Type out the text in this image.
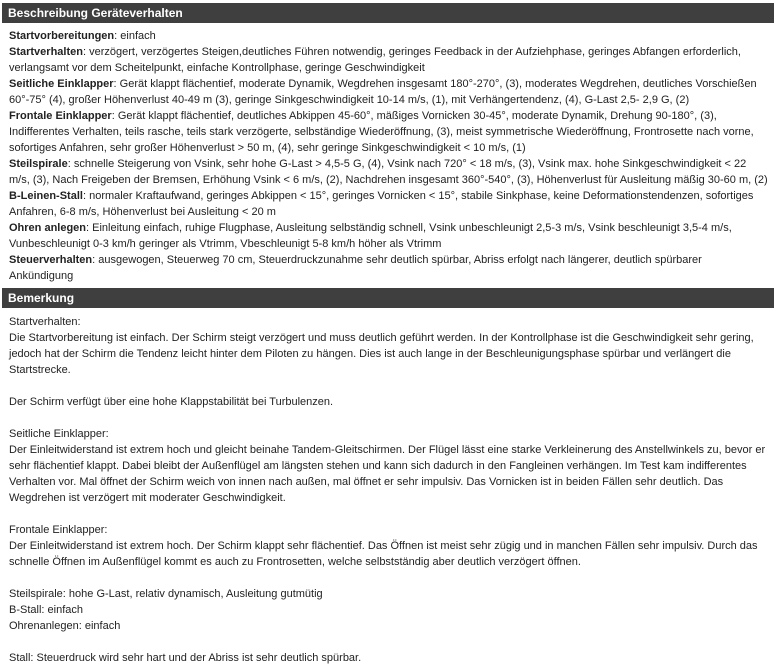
Beschreibung Geräteverhalten

Startvorbereitungen: einfach

Startverhalten: verzögert, verzögertes Steigen,deutliches Führen notwendig, geringes Feedback in der Aufziehphase, geringes Abfangen erforderlich, verlangsamt vor dem Scheitelpunkt, einfache Kontrollphase, geringe Geschwindigkeit

Seitliche Einklapper: Gerät klappt flächentief, moderate Dynamik, Wegdrehen insgesamt 180°-270°, (3), moderates Wegdrehen, deutliches Vorschießen 60°-75° (4), großer Höhenverlust 40-49 m (3), geringe Sinkgeschwindigkeit 10-14 m/s, (1), mit Verhängertendenz, (4), G-Last 2,5- 2,9 G, (2)

Frontale Einklapper: Gerät klappt flächentief, deutliches Abkippen 45-60°, mäßiges Vornicken 30-45°, moderate Dynamik, Drehung 90-180°, (3), Indifferentes Verhalten, teils rasche, teils stark verzögerte, selbständige Wiederöffnung, (3), meist symmetrische Wiederöffnung, Frontrosette nach vorne, sofortiges Anfahren, sehr großer Höhenverlust > 50 m, (4), sehr geringe Sinkgeschwindigkeit < 10 m/s, (1)

Steilspirale: schnelle Steigerung von Vsink, sehr hohe G-Last > 4,5-5 G, (4), Vsink nach 720° < 18 m/s, (3), Vsink max. hohe Sinkgeschwindigkeit < 22 m/s, (3), Nach Freigeben der Bremsen, Erhöhung Vsink < 6 m/s, (2), Nachdrehen insgesamt 360°-540°, (3), Höhenverlust für Ausleitung mäßig 30-60 m, (2)

B-Leinen-Stall: normaler Kraftaufwand, geringes Abkippen < 15°, geringes Vornicken < 15°, stabile Sinkphase, keine Deformationstendenzen, sofortiges Anfahren, 6-8 m/s, Höhenverlust bei Ausleitung < 20 m

Ohren anlegen: Einleitung einfach, ruhige Flugphase, Ausleitung selbständig schnell, Vsink unbeschleunigt 2,5-3 m/s, Vsink beschleunigt 3,5-4 m/s, Vunbeschleunigt 0-3 km/h geringer als Vtrimm, Vbeschleunigt 5-8 km/h höher als Vtrimm

Steuerverhalten: ausgewogen, Steuerweg 70 cm, Steuerdruckzunahme sehr deutlich spürbar, Abriss erfolgt nach längerer, deutlich spürbarer Ankündigung

Bemerkung

Startverhalten:
Die Startvorbereitung ist einfach. Der Schirm steigt verzögert und muss deutlich geführt werden. In der Kontrollphase ist die Geschwindigkeit sehr gering, jedoch hat der Schirm die Tendenz leicht hinter dem Piloten zu hängen. Dies ist auch lange in der Beschleunigungsphase spürbar und verlängert die Startstrecke.

Der Schirm verfügt über eine hohe Klappstabilität bei Turbulenzen.

Seitliche Einklapper:
Der Einleitwiderstand ist extrem hoch und gleicht beinahe Tandem-Gleitschirmen. Der Flügel lässt eine starke Verkleinerung des Anstellwinkels zu, bevor er sehr flächentief klappt. Dabei bleibt der Außenflügel am längsten stehen und kann sich dadurch in den Fangleinen verhängen. Im Test kam indifferentes Verhalten vor. Mal öffnet der Schirm weich von innen nach außen, mal öffnet er sehr impulsiv. Das Vornicken ist in beiden Fällen sehr deutlich. Das Wegdrehen ist verzögert mit moderater Geschwindigkeit.

Frontale Einklapper:
Der Einleitwiderstand ist extrem hoch. Der Schirm klappt sehr flächentief. Das Öffnen ist meist sehr zügig und in manchen Fällen sehr impulsiv. Durch das schnelle Öffnen im Außenflügel kommt es auch zu Frontrosetten, welche selbstständig aber deutlich verzögert öffnen.

Steilspirale: hohe G-Last, relativ dynamisch, Ausleitung gutmütig
B-Stall: einfach
Ohrenanlegen: einfach

Stall: Steuerdruck wird sehr hart und der Abriss ist sehr deutlich spürbar.
